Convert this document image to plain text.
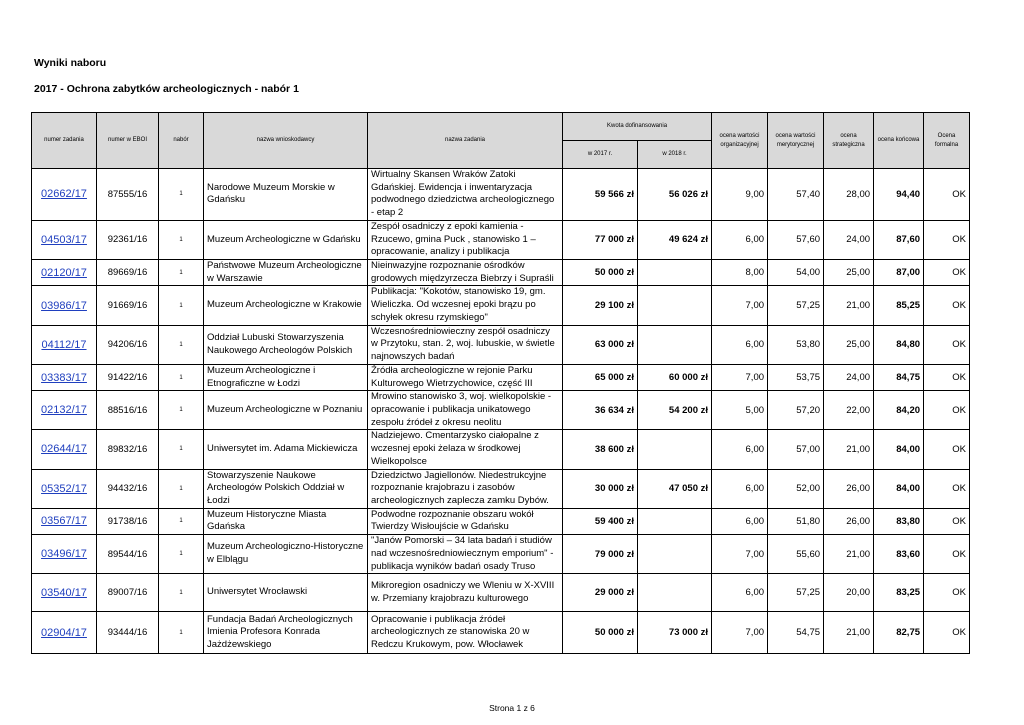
Wyniki naboru
2017 - Ochrona zabytków archeologicznych - nabór 1
numer zadania	numer w EBOI	nabór	nazwa wnioskodawcy	nazwa zadania	Kwota dofinansowania		ocena wartości organizacyjnej	ocena wartości merytorycznej	ocena strategiczna	ocena końcowa	Ocena formalna
					w 2017 r.	w 2018 r.					
02662/17	87555/16	1	Narodowe Muzeum Morskie w Gdańsku	Wirtualny Skansen Wraków Zatoki Gdańskiej. Ewidencja i inwentaryzacja podwodnego dziedzictwa archeologicznego - etap 2	59 566 zł	56 026 zł	9,00	57,40	28,00	94,40	OK
04503/17	92361/16	1	Muzeum Archeologiczne w Gdańsku	Zespół osadniczy z epoki kamienia - Rzucewo, gmina Puck , stanowisko 1 – opracowanie, analizy i publikacja	77 000 zł	49 624 zł	6,00	57,60	24,00	87,60	OK
02120/17	89669/16	1	Państwowe Muzeum Archeologiczne w Warszawie	Nieinwazyjne rozpoznanie ośrodków grodowych międzyrzecza Biebrzy i Supraśli	50 000 zł		8,00	54,00	25,00	87,00	OK
03986/17	91669/16	1	Muzeum Archeologiczne w Krakowie	Publikacja: "Kokotów, stanowisko 19, gm. Wieliczka. Od wczesnej epoki brązu po schyłek okresu rzymskiego"	29 100 zł		7,00	57,25	21,00	85,25	OK
04112/17	94206/16	1	Oddział Lubuski Stowarzyszenia Naukowego Archeologów Polskich	Wczesnośredniowieczny zespół osadniczy w Przytoku, stan. 2, woj. lubuskie, w świetle najnowszych badań	63 000 zł		6,00	53,80	25,00	84,80	OK
03383/17	91422/16	1	Muzeum Archeologiczne i Etnograficzne w Łodzi	Źródła archeologiczne w rejonie Parku Kulturowego Wietrzychowice, część III	65 000 zł	60 000 zł	7,00	53,75	24,00	84,75	OK
02132/17	88516/16	1	Muzeum Archeologiczne w Poznaniu	Mrowino stanowisko 3, woj. wielkopolskie - opracowanie i publikacja unikatowego zespołu źródeł z okresu neolitu	36 634 zł	54 200 zł	5,00	57,20	22,00	84,20	OK
02644/17	89832/16	1	Uniwersytet im. Adama Mickiewicza	Nadziejewo. Cmentarzysko ciałopalne z wczesnej epoki żelaza w środkowej Wielkopolsce	38 600 zł		6,00	57,00	21,00	84,00	OK
05352/17	94432/16	1	Stowarzyszenie Naukowe Archeologów Polskich Oddział w Łodzi	Dziedzictwo Jagiellonów. Niedestrukcyjne rozpoznanie krajobrazu i zasobów archeologicznych zaplecza zamku Dybów.	30 000 zł	47 050 zł	6,00	52,00	26,00	84,00	OK
03567/17	91738/16	1	Muzeum Historyczne Miasta Gdańska	Podwodne rozpoznanie obszaru wokół Twierdzy Wisłoujście w Gdańsku	59 400 zł		6,00	51,80	26,00	83,80	OK
03496/17	89544/16	1	Muzeum Archeologiczno-Historyczne w Elblągu	"Janów Pomorski – 34 lata badań i studiów nad wczesnośredniowiecznym emporium" - publikacja wyników badań osady Truso	79 000 zł		7,00	55,60	21,00	83,60	OK
03540/17	89007/16	1	Uniwersytet Wrocławski	Mikroregion osadniczy we Wleniu w X-XVIII w. Przemiany krajobrazu kulturowego	29 000 zł		6,00	57,25	20,00	83,25	OK
02904/17	93444/16	1	Fundacja Badań Archeologicznych Imienia Profesora Konrada Jażdżewskiego	Opracowanie i publikacja źródeł archeologicznych ze stanowiska 20 w Redczu Krukowym, pow. Włocławek	50 000 zł	73 000 zł	7,00	54,75	21,00	82,75	OK
Strona 1 z 6
